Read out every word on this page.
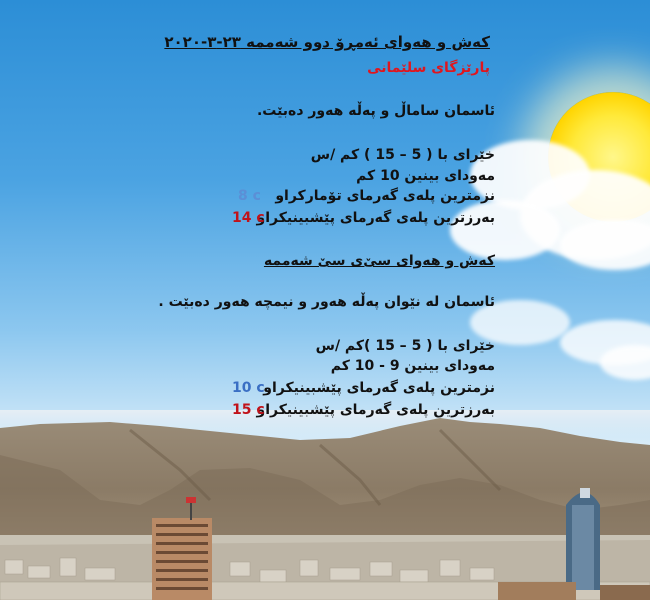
کەش و هەوای ئەمڕۆ دوو شەممە ٢٣-٣-٢٠٢٠
پارێزگای سلێمانی
ئاسمان ساماڵ و پەڵە هەور دەبێت.
خێرای با ( 5 – 15 ) کم /س
مەودای بینین 10 کم
نزمترین پلەی گەرمای تۆمارکراو
بەرزترین پلەی گەرمای پێشبینیکراو
کەش و هەوای سێ‌ی سێ شەممە
ئاسمان لە نێوان پەڵە هەور و نیمچە هەور دەبێت .
خێرای با ( 5 – 15 )کم /س
مەودای بینین 9 - 10 کم
نزمترین پلەی گەرمای پێشبینیکراو
بەرزترین پلەی گەرمای پێشبینیکراو
8 c
14 c
10 c
15 c
